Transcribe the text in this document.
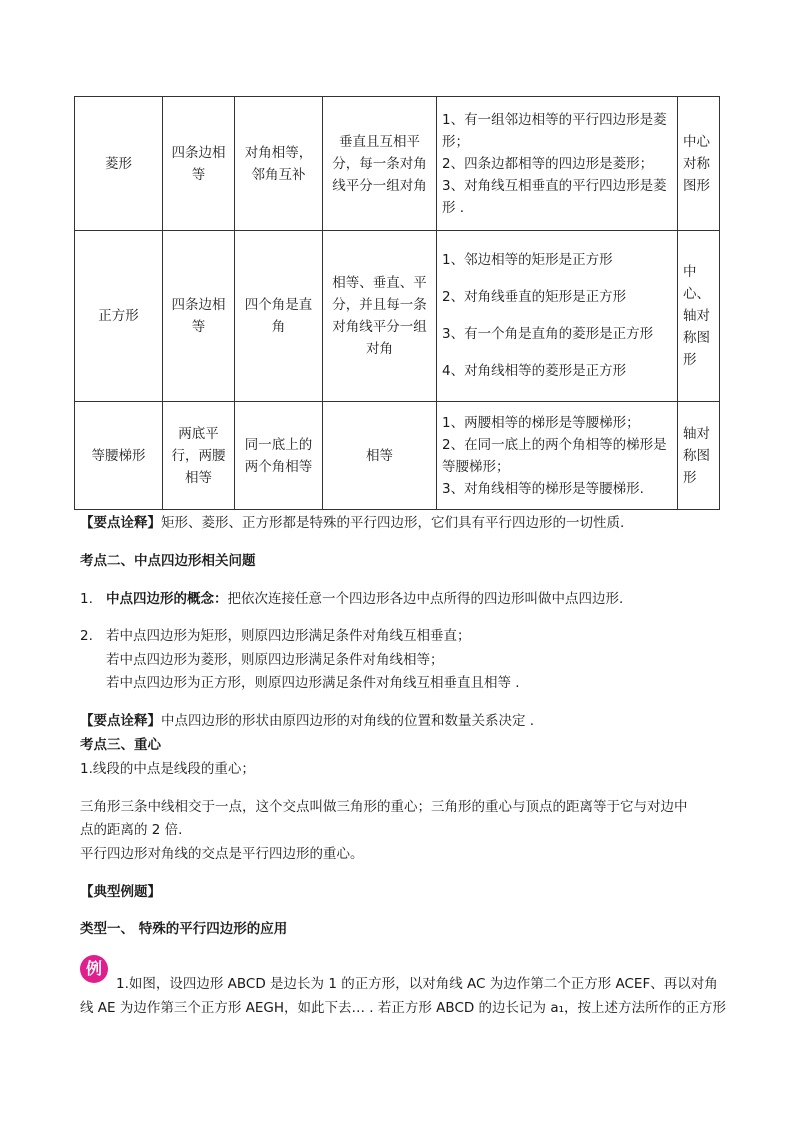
菱形	四条边相等	对角相等，邻角互补	垂直且互相平分，每一条对角线平分一组对角	1、有一组邻边相等的平行四边形是菱形；
2、四条边都相等的四边形是菱形；
3、对角线互相垂直的平行四边形是菱形 .	中心对称图形
正方形	四条边相等	四个角是直角	相等、垂直、平分，并且每一条对角线平分一组对角	1、邻边相等的矩形是正方形
2、对角线垂直的矩形是正方形
3、有一个角是直角的菱形是正方形
4、对角线相等的菱形是正方形	中心、轴对称图形
等腰梯形	两底平行，两腰相等	同一底上的两个角相等	相等	1、两腰相等的梯形是等腰梯形；
2、在同一底上的两个角相等的梯形是等腰梯形；
3、对角线相等的梯形是等腰梯形.	轴对称图形
【要点诠释】矩形、菱形、正方形都是特殊的平行四边形，它们具有平行四边形的一切性质.
考点二、中点四边形相关问题
1. 中点四边形的概念：把依次连接任意一个四边形各边中点所得的四边形叫做中点四边形.
2. 若中点四边形为矩形，则原四边形满足条件对角线互相垂直；
若中点四边形为菱形，则原四边形满足条件对角线相等；
若中点四边形为正方形，则原四边形满足条件对角线互相垂直且相等 .
【要点诠释】中点四边形的形状由原四边形的对角线的位置和数量关系决定 .
考点三、重心
1.线段的中点是线段的重心；
三角形三条中线相交于一点，这个交点叫做三角形的重心；三角形的重心与顶点的距离等于它与对边中
点的距离的 2 倍.
平行四边形对角线的交点是平行四边形的重心。
【典型例题】
类型一、 特殊的平行四边形的应用
例
1.如图，设四边形 ABCD 是边长为 1 的正方形，以对角线 AC 为边作第二个正方形 ACEF、再以对角
线 AE 为边作第三个正方形 AEGH，如此下去… . 若正方形 ABCD 的边长记为 a₁，按上述方法所作的正方形
